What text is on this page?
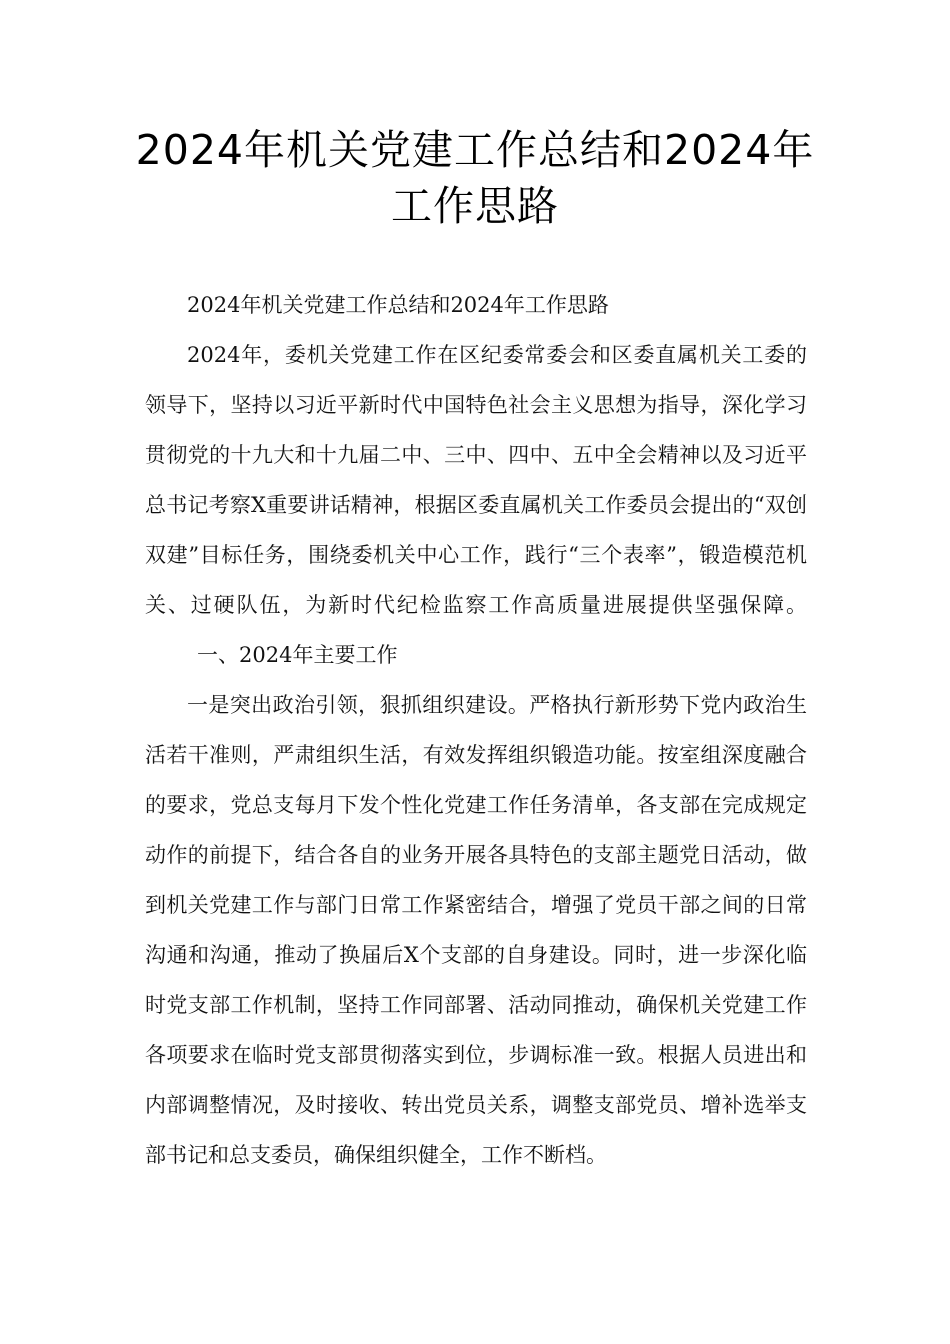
2024年机关党建工作总结和2024年工作思路

2024年机关党建工作总结和2024年工作思路

2024年，委机关党建工作在区纪委常委会和区委直属机关工委的领导下，坚持以习近平新时代中国特色社会主义思想为指导，深化学习贯彻党的十九大和十九届二中、三中、四中、五中全会精神以及习近平总书记考察X重要讲话精神，根据区委直属机关工作委员会提出的“双创双建”目标任务，围绕委机关中心工作，践行“三个表率”，锻造模范机关、过硬队伍，为新时代纪检监察工作高质量进展提供坚强保障。一、2024年主要工作

一是突出政治引领，狠抓组织建设。严格执行新形势下党内政治生活若干准则，严肃组织生活，有效发挥组织锻造功能。按室组深度融合的要求，党总支每月下发个性化党建工作任务清单，各支部在完成规定动作的前提下，结合各自的业务开展各具特色的支部主题党日活动，做到机关党建工作与部门日常工作紧密结合，增强了党员干部之间的日常沟通和沟通，推动了换届后X个支部的自身建设。同时，进一步深化临时党支部工作机制，坚持工作同部署、活动同推动，确保机关党建工作各项要求在临时党支部贯彻落实到位，步调标准一致。根据人员进出和内部调整情况，及时接收、转出党员关系，调整支部党员、增补选举支部书记和总支委员，确保组织健全，工作不断档。
